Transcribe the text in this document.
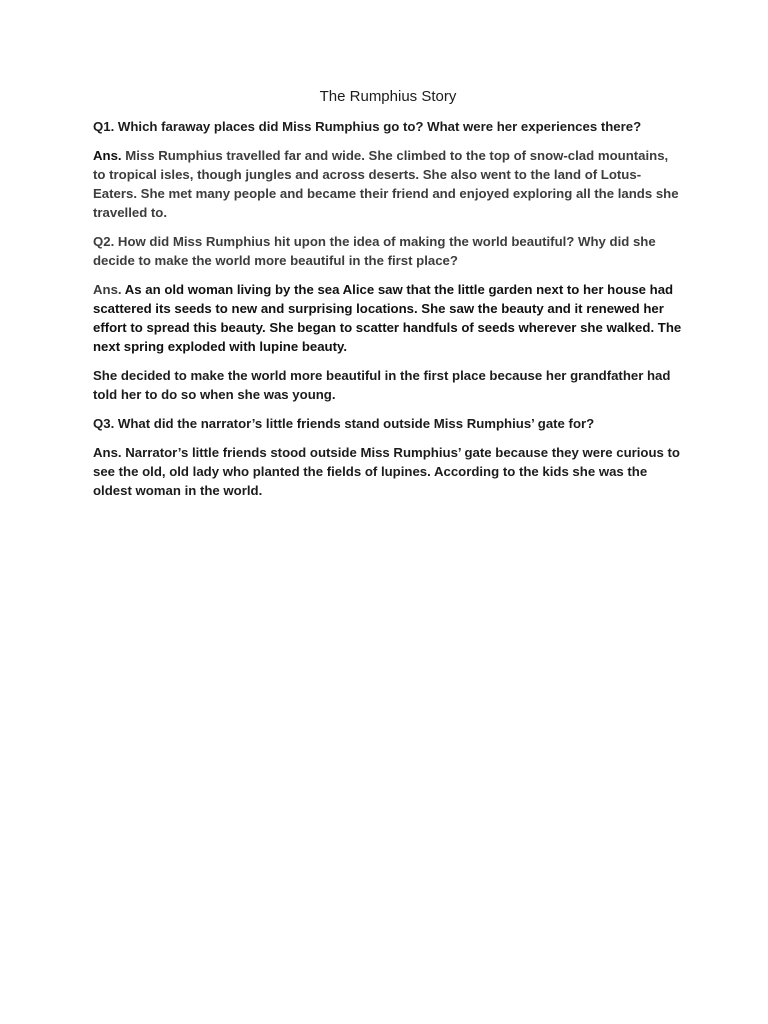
The Rumphius Story

Q1. Which faraway places did Miss Rumphius go to? What were her experiences there?

Ans. Miss Rumphius travelled far and wide. She climbed to the top of snow-clad mountains, to tropical isles, though jungles and across deserts. She also went to the land of Lotus- Eaters. She met many people and became their friend and enjoyed exploring all the lands she travelled to.

Q2. How did Miss Rumphius hit upon the idea of making the world beautiful? Why did she decide to make the world more beautiful in the first place?

Ans. As an old woman living by the sea Alice saw that the little garden next to her house had scattered its seeds to new and surprising locations. She saw the beauty and it renewed her effort to spread this beauty. She began to scatter handfuls of seeds wherever she walked. The next spring exploded with lupine beauty.

She decided to make the world more beautiful in the first place because her grandfather had told her to do so when she was young.

Q3. What did the narrator’s little friends stand outside Miss Rumphius’ gate for?

Ans. Narrator’s little friends stood outside Miss Rumphius’ gate because they were curious to see the old, old lady who planted the fields of lupines. According to the kids she was the oldest woman in the world.
